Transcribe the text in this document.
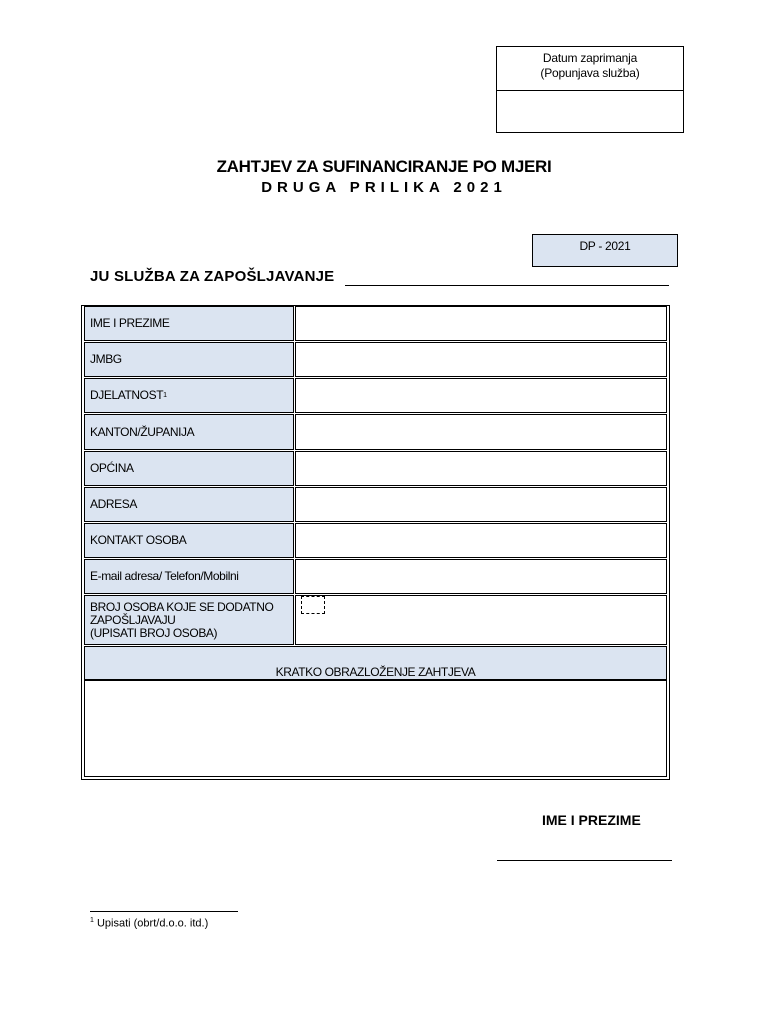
Datum zaprimanja
(Popunjava služba)
ZAHTJEV ZA SUFINANCIRANJE PO MJERI
DRUGA PRILIKA 2021
DP - 2021
JU SLUŽBA ZA ZAPOŠLJAVANJE
IME I PREZIME
JMBG
DJELATNOST 1
KANTON/ŽUPANIJA
OPĆINA
ADRESA
KONTAKT OSOBA
E-mail adresa/ Telefon/Mobilni
BROJ OSOBA KOJE SE DODATNO
ZAPOŠLJAVAJU
(UPISATI BROJ OSOBA)
KRATKO OBRAZLOŽENJE ZAHTJEVA
IME I PREZIME
$^1$ Upisati (obrt/d.o.o. itd.)
